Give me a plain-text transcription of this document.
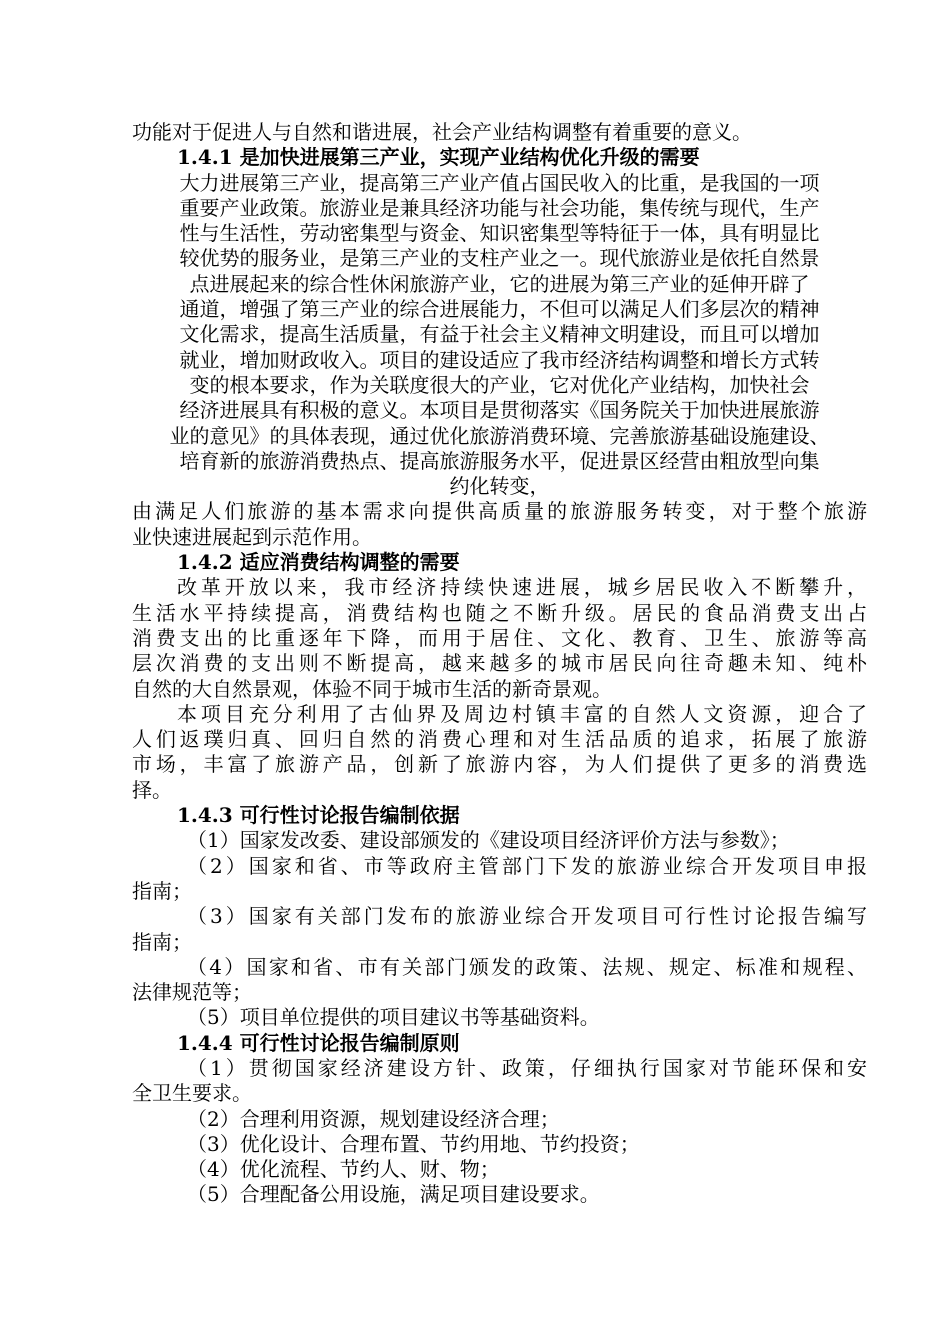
功能对于促进人与自然和谐进展，社会产业结构调整有着重要的意义。
1.4.1 是加快进展第三产业，实现产业结构优化升级的需要
大力进展第三产业，提高第三产业产值占国民收入的比重，是我国的一项
重要产业政策。旅游业是兼具经济功能与社会功能，集传统与现代，生产
性与生活性，劳动密集型与资金、知识密集型等特征于一体，具有明显比
较优势的服务业，是第三产业的支柱产业之一。现代旅游业是依托自然景
点进展起来的综合性休闲旅游产业，它的进展为第三产业的延伸开辟了
通道，增强了第三产业的综合进展能力，不但可以满足人们多层次的精神
文化需求，提高生活质量，有益于社会主义精神文明建设，而且可以增加
就业，增加财政收入。项目的建设适应了我市经济结构调整和增长方式转
变的根本要求，作为关联度很大的产业，它对优化产业结构，加快社会
经济进展具有积极的意义。本项目是贯彻落实《国务院关于加快进展旅游
业的意见》的具体表现，通过优化旅游消费环境、完善旅游基础设施建设、
培育新的旅游消费热点、提高旅游服务水平，促进景区经营由粗放型向集
约化转变，
由满足人们旅游的基本需求向提供高质量的旅游服务转变，对于整个旅游
业快速进展起到示范作用。
1.4.2 适应消费结构调整的需要
改革开放以来，我市经济持续快速进展，城乡居民收入不断攀升，
生活水平持续提高，消费结构也随之不断升级。居民的食品消费支出占
消费支出的比重逐年下降，而用于居住、文化、教育、卫生、旅游等高
层次消费的支出则不断提高，越来越多的城市居民向往奇趣未知、纯朴
自然的大自然景观，体验不同于城市生活的新奇景观。
本项目充分利用了古仙界及周边村镇丰富的自然人文资源，迎合了
人们返璞归真、回归自然的消费心理和对生活品质的追求，拓展了旅游
市场，丰富了旅游产品，创新了旅游内容，为人们提供了更多的消费选
择。
1.4.3 可行性讨论报告编制依据
（1）国家发改委、建设部颁发的《建设项目经济评价方法与参数》；
（2）国家和省、市等政府主管部门下发的旅游业综合开发项目申报
指南；
（3）国家有关部门发布的旅游业综合开发项目可行性讨论报告编写
指南；
（4）国家和省、市有关部门颁发的政策、法规、规定、标准和规程、
法律规范等；
（5）项目单位提供的项目建议书等基础资料。
1.4.4 可行性讨论报告编制原则
（1）贯彻国家经济建设方针、政策，仔细执行国家对节能环保和安
全卫生要求。
（2）合理利用资源，规划建设经济合理；
（3）优化设计、合理布置、节约用地、节约投资；
（4）优化流程、节约人、财、物；
（5）合理配备公用设施，满足项目建设要求。
